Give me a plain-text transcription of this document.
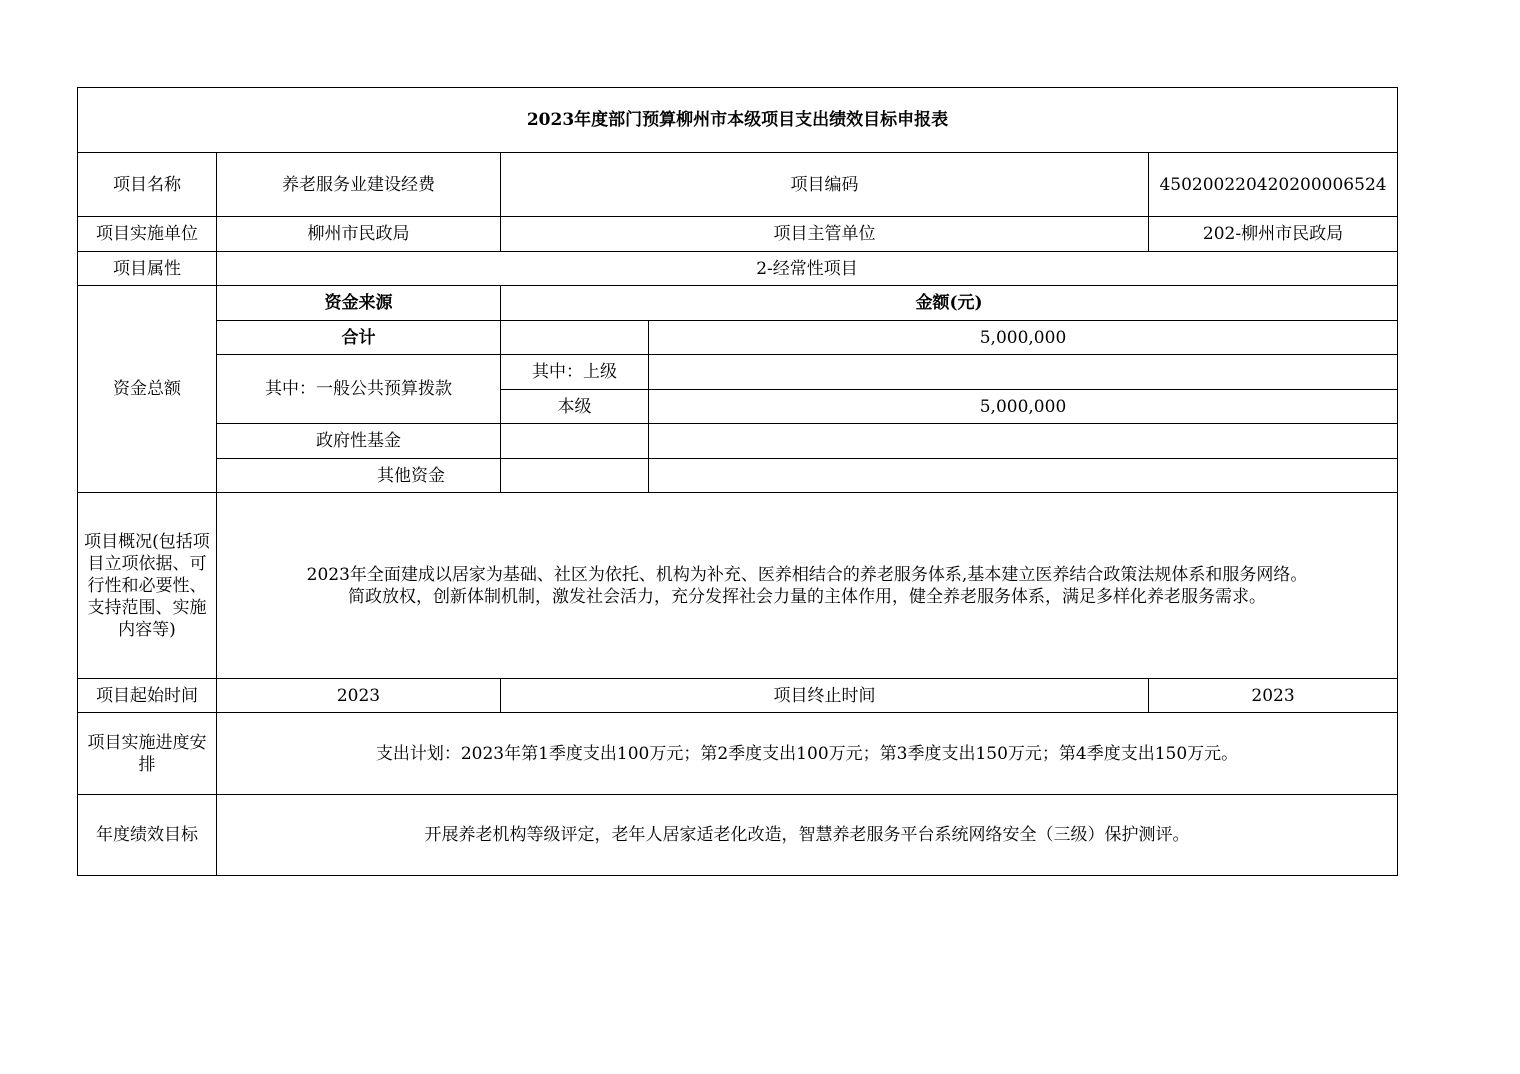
2023年度部门预算柳州市本级项目支出绩效目标申报表				
项目名称	养老服务业建设经费	项目编码		450200220420200006524
项目实施单位	柳州市民政局	项目主管单位		202-柳州市民政局
项目属性	2-经常性项目			
资金总额	资金来源	金额(元)		
	合计		5,000,000	
	其中：一般公共预算拨款	其中：上级		
		本级	5,000,000	
	政府性基金			
	其他资金			
项目概况(包括项目立项依据、可行性和必要性、支持范围、实施内容等)	2023年全面建成以居家为基础、社区为依托、机构为补充、医养相结合的养老服务体系,基本建立医养结合政策法规体系和服务网络。
简政放权，创新体制机制，激发社会活力，充分发挥社会力量的主体作用，健全养老服务体系，满足多样化养老服务需求。			

项目起始时间	2023	项目终止时间		2023
项目实施进度安排	支出计划：2023年第1季度支出100万元；第2季度支出100万元；第3季度支出150万元；第4季度支出150万元。			
年度绩效目标	开展养老机构等级评定，老年人居家适老化改造，智慧养老服务平台系统网络安全（三级）保护测评。			
